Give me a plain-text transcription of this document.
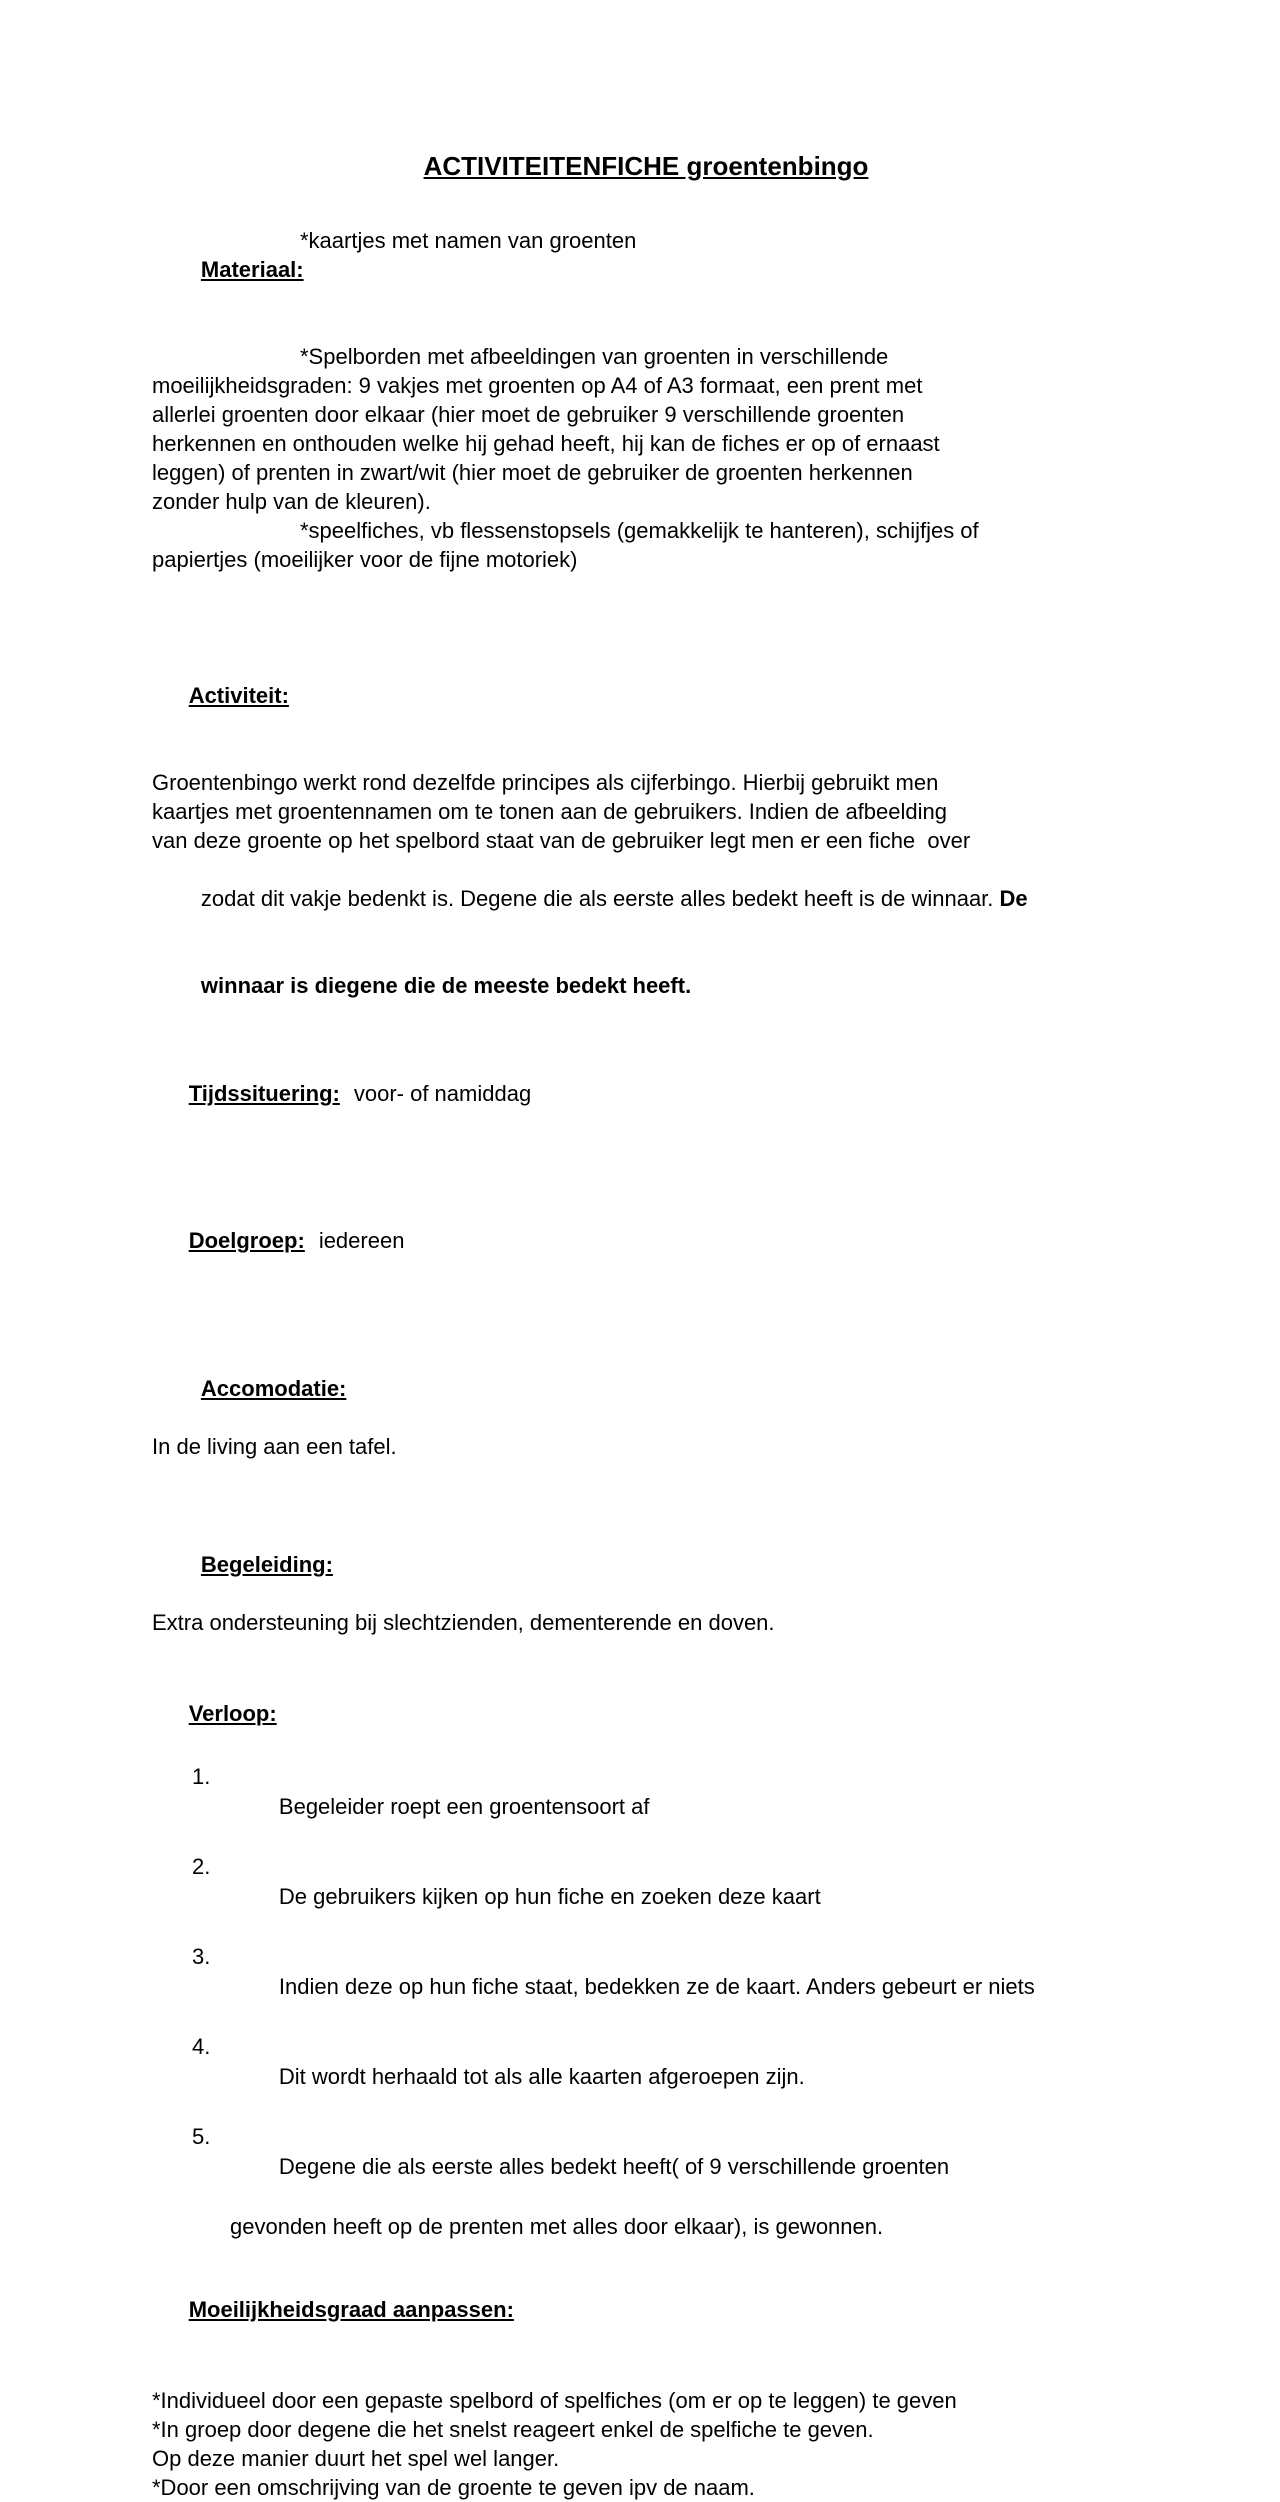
ACTIVITEITENFICHE groentenbingo

Materiaal:

*kaartjes met namen van groenten

*Spelborden met afbeeldingen van groenten in verschillende
moeilijkheidsgraden: 9 vakjes met groenten op A4 of A3 formaat, een prent met
allerlei groenten door elkaar (hier moet de gebruiker 9 verschillende groenten
herkennen en onthouden welke hij gehad heeft, hij kan de fiches er op of ernaast
leggen) of prenten in zwart/wit (hier moet de gebruiker de groenten herkennen
zonder hulp van de kleuren).
*speelfiches, vb flessenstopsels (gemakkelijk te hanteren), schijfjes of
papiertjes (moeilijker voor de fijne motoriek)

Activiteit:

Groentenbingo werkt rond dezelfde principes als cijferbingo. Hierbij gebruikt men
kaartjes met groentennamen om te tonen aan de gebruikers. Indien de afbeelding
van deze groente op het spelbord staat van de gebruiker legt men er een fiche  over

zodat dit vakje bedenkt is. Degene die als eerste alles bedekt heeft is de winnaar. De

winnaar is diegene die de meeste bedekt heeft.

Tijdssituering: voor- of namiddag

Doelgroep: iedereen

Accomodatie:

In de living aan een tafel.

Begeleiding:

Extra ondersteuning bij slechtzienden, dementerende en doven.

Verloop:

1.
Begeleider roept een groentensoort af

2.
De gebruikers kijken op hun fiche en zoeken deze kaart

3.
Indien deze op hun fiche staat, bedekken ze de kaart. Anders gebeurt er niets

4.
Dit wordt herhaald tot als alle kaarten afgeroepen zijn.

5.
Degene die als eerste alles bedekt heeft( of 9 verschillende groenten

gevonden heeft op de prenten met alles door elkaar), is gewonnen.

Moeilijkheidsgraad aanpassen:

*Individueel door een gepaste spelbord of spelfiches (om er op te leggen) te geven
*In groep door degene die het snelst reageert enkel de spelfiche te geven.
Op deze manier duurt het spel wel langer.
*Door een omschrijving van de groente te geven ipv de naam.
